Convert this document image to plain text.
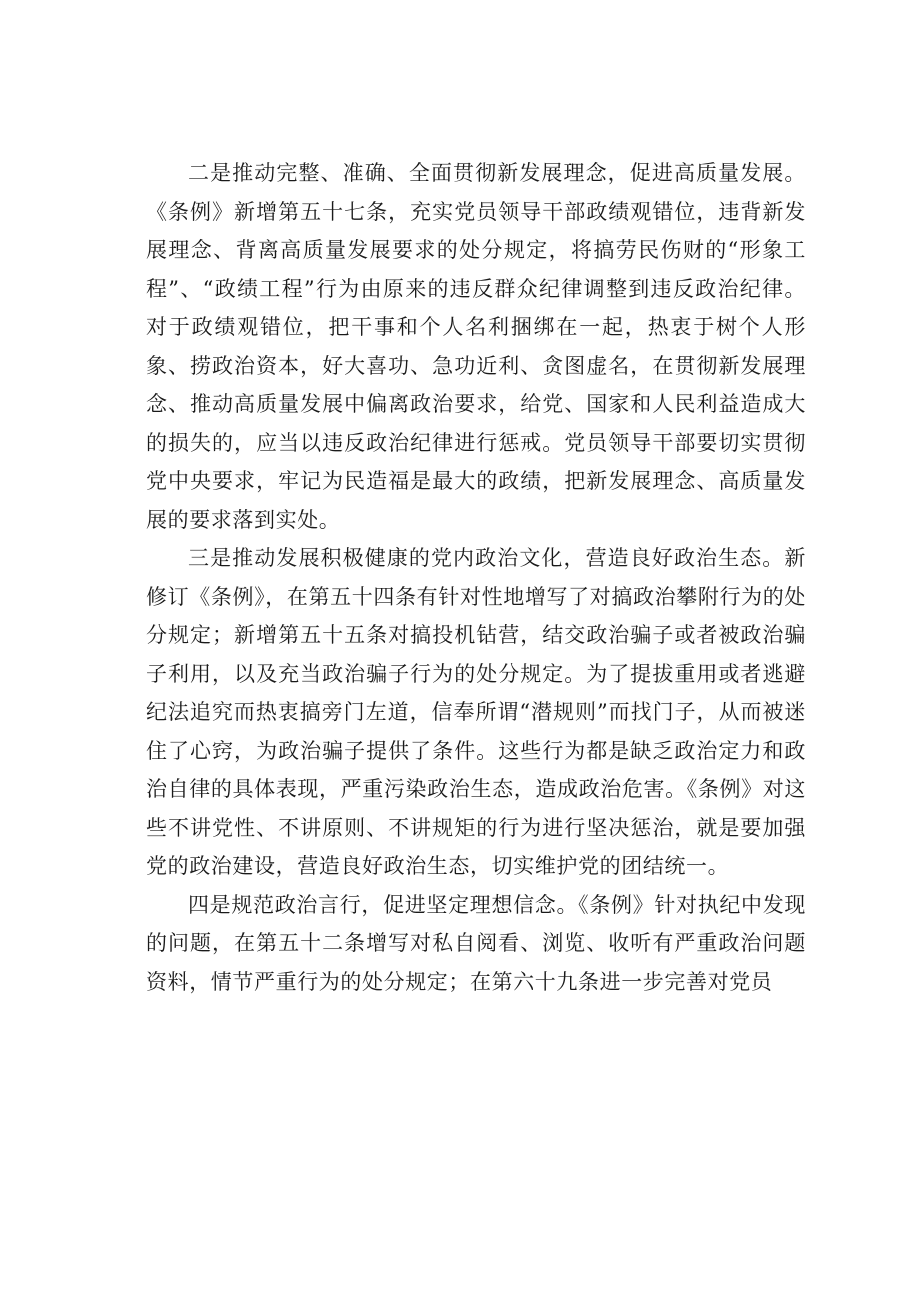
二是推动完整、准确、全面贯彻新发展理念，促进高质量发展。《条例》新增第五十七条，充实党员领导干部政绩观错位，违背新发展理念、背离高质量发展要求的处分规定，将搞劳民伤财的“形象工程”、“政绩工程”行为由原来的违反群众纪律调整到违反政治纪律。对于政绩观错位，把干事和个人名利捆绑在一起，热衷于树个人形象、捞政治资本，好大喜功、急功近利、贪图虚名，在贯彻新发展理念、推动高质量发展中偏离政治要求，给党、国家和人民利益造成大的损失的，应当以违反政治纪律进行惩戒。党员领导干部要切实贯彻党中央要求，牢记为民造福是最大的政绩，把新发展理念、高质量发展的要求落到实处。

三是推动发展积极健康的党内政治文化，营造良好政治生态。新修订《条例》，在第五十四条有针对性地增写了对搞政治攀附行为的处分规定；新增第五十五条对搞投机钻营，结交政治骗子或者被政治骗子利用，以及充当政治骗子行为的处分规定。为了提拔重用或者逃避纪法追究而热衷搞旁门左道，信奉所谓“潜规则”而找门子，从而被迷住了心窍，为政治骗子提供了条件。这些行为都是缺乏政治定力和政治自律的具体表现，严重污染政治生态，造成政治危害。《条例》对这些不讲党性、不讲原则、不讲规矩的行为进行坚决惩治，就是要加强党的政治建设，营造良好政治生态，切实维护党的团结统一。

四是规范政治言行，促进坚定理想信念。《条例》针对执纪中发现的问题，在第五十二条增写对私自阅看、浏览、收听有严重政治问题资料，情节严重行为的处分规定；在第六十九条进一步完善对党员
